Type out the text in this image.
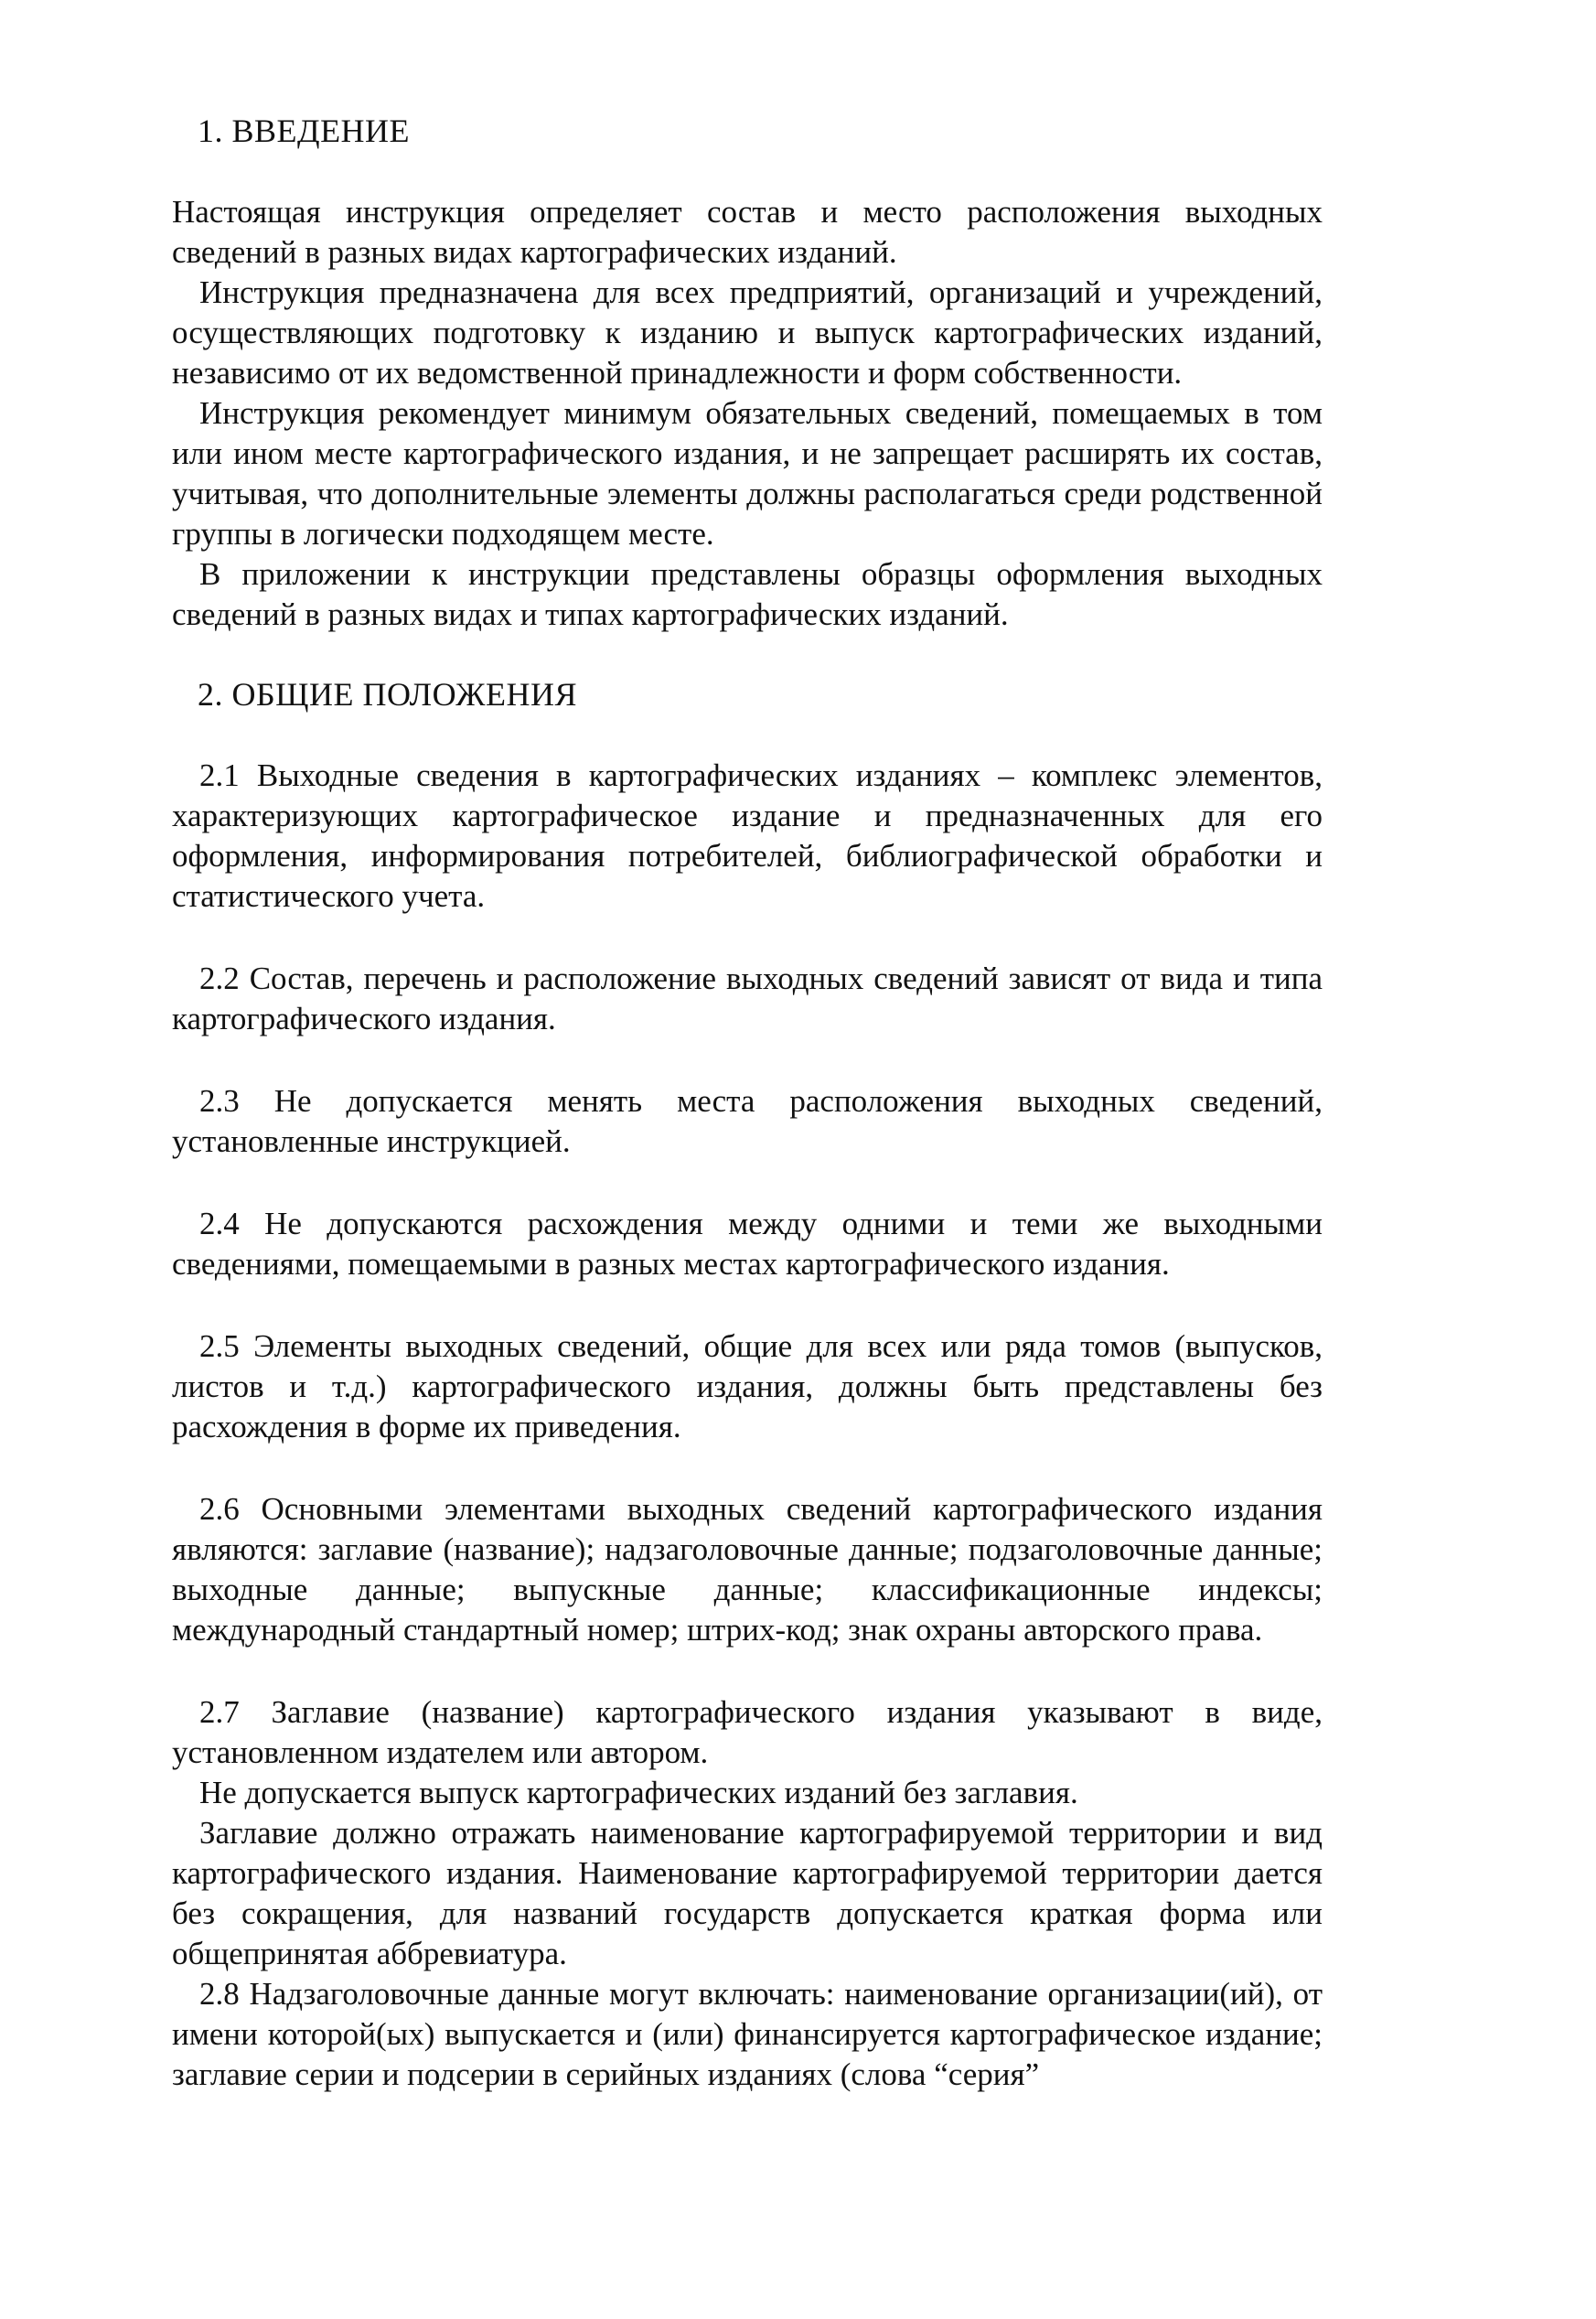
1. ВВЕДЕНИЕ

Настоящая инструкция определяет состав и место расположения выходных сведений в разных видах картографических изданий.

Инструкция предназначена для всех предприятий, организаций и учреждений, осуществляющих подготовку к изданию и выпуск картографических изданий, независимо от их ведомственной принадлежности и форм собственности.

Инструкция рекомендует минимум обязательных сведений, помещаемых в том или ином месте картографического издания, и не запрещает расширять их состав, учитывая, что дополнительные элементы должны располагаться среди родственной группы в логически подходящем месте.

В приложении к инструкции представлены образцы оформления выходных сведений в разных видах и типах картографических изданий.

2. ОБЩИЕ ПОЛОЖЕНИЯ

2.1 Выходные сведения в картографических изданиях – комплекс элементов, характеризующих картографическое издание и предназначенных для его оформления, информирования потребителей, библиографической обработки и статистического учета.

2.2 Состав, перечень и расположение выходных сведений зависят от вида и типа картографического издания.

2.3 Не допускается менять места расположения выходных сведений, установленные инструкцией.

2.4 Не допускаются расхождения между одними и теми же выходными сведениями, помещаемыми в разных местах картографического издания.

2.5 Элементы выходных сведений, общие для всех или ряда томов (выпусков, листов и т.д.) картографического издания, должны быть представлены без расхождения в форме их приведения.

2.6 Основными элементами выходных сведений картографического издания являются: заглавие (название); надзаголовочные данные; подзаголовочные данные; выходные данные; выпускные данные; классификационные индексы; международный стандартный номер; штрих-код; знак охраны авторского права.

2.7 Заглавие (название) картографического издания указывают в виде, установленном издателем или автором.

Не допускается выпуск картографических изданий без заглавия.

Заглавие должно отражать наименование картографируемой территории и вид картографического издания. Наименование картографируемой территории дается без сокращения, для названий государств допускается краткая форма или общепринятая аббревиатура.

2.8 Надзаголовочные данные могут включать: наименование организации(ий), от имени которой(ых) выпускается и (или) финансируется картографическое издание; заглавие серии и подсерии в серийных изданиях (слова “серия”
